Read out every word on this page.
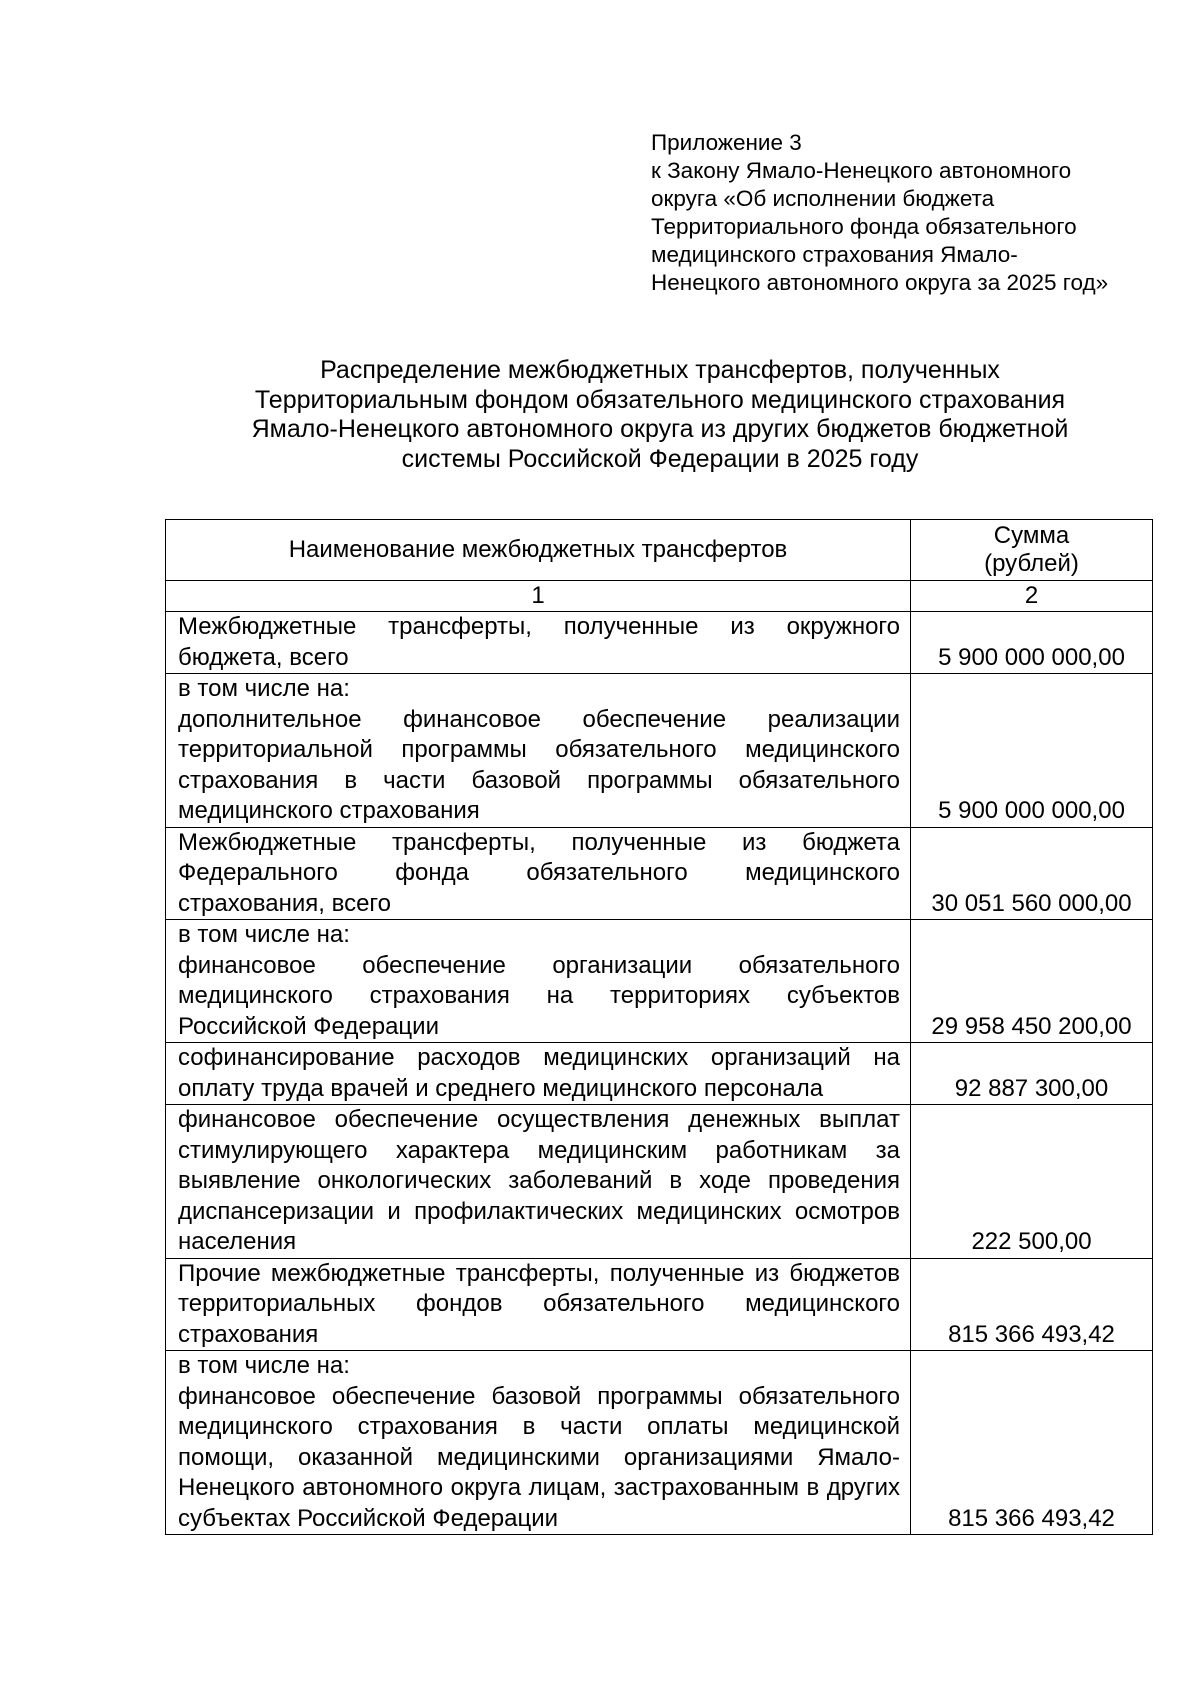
Приложение 3
к Закону Ямало-Ненецкого автономного
округа «Об исполнении бюджета
Территориального фонда обязательного
медицинского страхования Ямало-
Ненецкого автономного округа за 2025 год»
Распределение межбюджетных трансфертов, полученных
Территориальным фондом обязательного медицинского страхования
Ямало-Ненецкого автономного округа из других бюджетов бюджетной
системы Российской Федерации в 2025 году
Наименование межбюджетных трансфертов	Сумма
(рублей)

1	2

Межбюджетные трансферты, полученные из окружного бюджета, всего	5 900 000 000,00

в том числе на:
дополнительное финансовое обеспечение реализации территориальной программы обязательного медицинского страхования в части базовой программы обязательного медицинского страхования	5 900 000 000,00

Межбюджетные трансферты, полученные из бюджета Федерального фонда обязательного медицинского страхования, всего	30 051 560 000,00

в том числе на:
финансовое обеспечение организации обязательного медицинского страхования на территориях субъектов Российской Федерации	29 958 450 200,00

софинансирование расходов медицинских организаций на оплату труда врачей и среднего медицинского персонала	92 887 300,00

финансовое обеспечение осуществления денежных выплат стимулирующего характера медицинским работникам за выявление онкологических заболеваний в ходе проведения диспансеризации и профилактических медицинских осмотров населения	222 500,00

Прочие межбюджетные трансферты, полученные из бюджетов территориальных фондов обязательного медицинского страхования	815 366 493,42

в том числе на:
финансовое обеспечение базовой программы обязательного медицинского страхования в части оплаты медицинской помощи, оказанной медицинскими организациями Ямало-Ненецкого автономного округа лицам, застрахованным в других субъектах Российской Федерации	815 366 493,42
